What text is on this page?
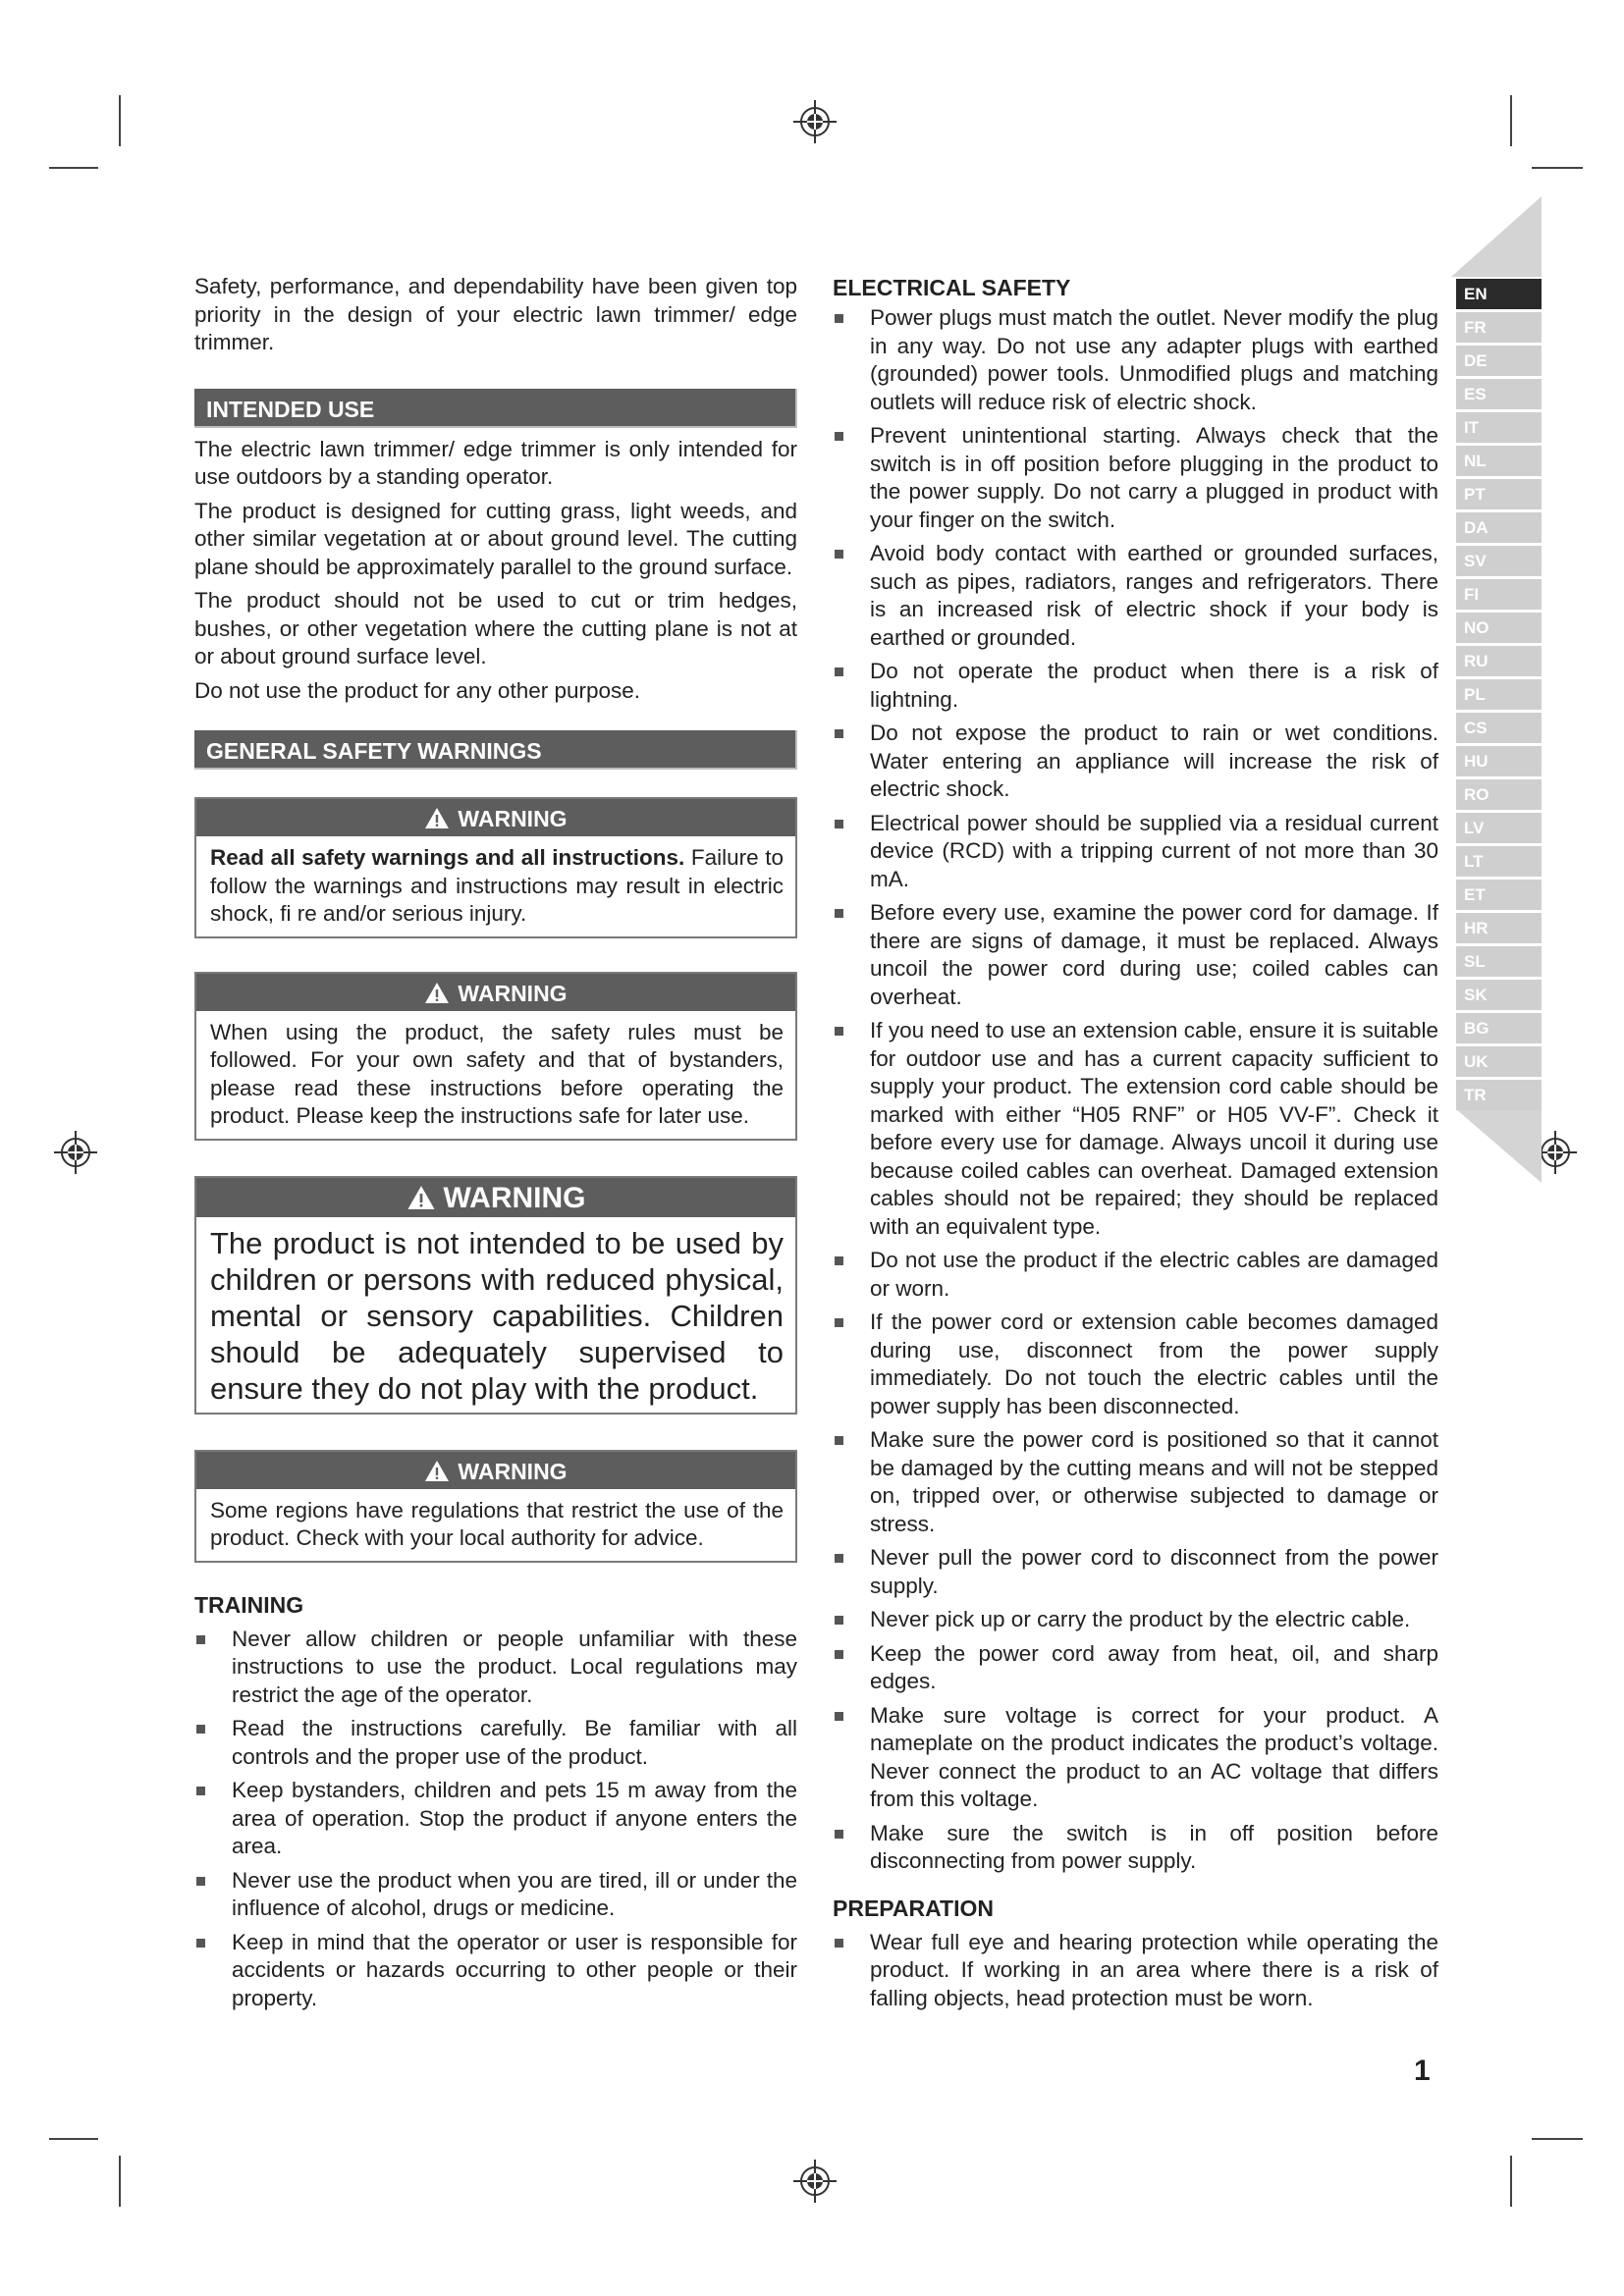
EN
FR
DE
ES
IT
NL
PT
DA
SV
FI
NO
RU
PL
CS
HU
RO
LV
LT
ET
HR
SL
SK
BG
UK
TR

Safety, performance, and dependability have been given top priority in the design of your electric lawn trimmer/ edge trimmer.

INTENDED USE

The electric lawn trimmer/ edge trimmer is only intended for use outdoors by a standing operator.

The product is designed for cutting grass, light weeds, and other similar vegetation at or about ground level. The cutting plane should be approximately parallel to the ground surface.

The product should not be used to cut or trim hedges, bushes, or other vegetation where the cutting plane is not at or about ground surface level.

Do not use the product for any other purpose.

GENERAL SAFETY WARNINGS
WARNING
Read all safety warnings and all instructions. Failure to follow the warnings and instructions may result in electric shock, fi re and/or serious injury.
WARNING
When using the product, the safety rules must be followed. For your own safety and that of bystanders, please read these instructions before operating the product. Please keep the instructions safe for later use.
WARNING
The product is not intended to be used by children or persons with reduced physical, mental or sensory capabilities. Children should be adequately supervised to ensure they do not play with the product.
WARNING
Some regions have regulations that restrict the use of the product. Check with your local authority for advice.
TRAINING
Never allow children or people unfamiliar with these instructions to use the product. Local regulations may restrict the age of the operator.
Read the instructions carefully. Be familiar with all controls and the proper use of the product.
Keep bystanders, children and pets 15 m away from the area of operation. Stop the product if anyone enters the area.
Never use the product when you are tired, ill or under the influence of alcohol, drugs or medicine.
Keep in mind that the operator or user is responsible for accidents or hazards occurring to other people or their property.
ELECTRICAL SAFETY
Power plugs must match the outlet. Never modify the plug in any way. Do not use any adapter plugs with earthed (grounded) power tools. Unmodified plugs and matching outlets will reduce risk of electric shock.
Prevent unintentional starting. Always check that the switch is in off position before plugging in the product to the power supply. Do not carry a plugged in product with your finger on the switch.
Avoid body contact with earthed or grounded surfaces, such as pipes, radiators, ranges and refrigerators. There is an increased risk of electric shock if your body is earthed or grounded.
Do not operate the product when there is a risk of lightning.
Do not expose the product to rain or wet conditions. Water entering an appliance will increase the risk of electric shock.
Electrical power should be supplied via a residual current device (RCD) with a tripping current of not more than 30 mA.
Before every use, examine the power cord for damage. If there are signs of damage, it must be replaced. Always uncoil the power cord during use; coiled cables can overheat.
If you need to use an extension cable, ensure it is suitable for outdoor use and has a current capacity sufficient to supply your product. The extension cord cable should be marked with either “H05 RNF” or H05 VV-F”. Check it before every use for damage. Always uncoil it during use because coiled cables can overheat. Damaged extension cables should not be repaired; they should be replaced with an equivalent type.
Do not use the product if the electric cables are damaged or worn.
If the power cord or extension cable becomes damaged during use, disconnect from the power supply immediately. Do not touch the electric cables until the power supply has been disconnected.
Make sure the power cord is positioned so that it cannot be damaged by the cutting means and will not be stepped on, tripped over, or otherwise subjected to damage or stress.
Never pull the power cord to disconnect from the power supply.
Never pick up or carry the product by the electric cable.
Keep the power cord away from heat, oil, and sharp edges.
Make sure voltage is correct for your product. A nameplate on the product indicates the product’s voltage. Never connect the product to an AC voltage that differs from this voltage.
Make sure the switch is in off position before disconnecting from power supply.
PREPARATION
Wear full eye and hearing protection while operating the product. If working in an area where there is a risk of falling objects, head protection must be worn.
1
